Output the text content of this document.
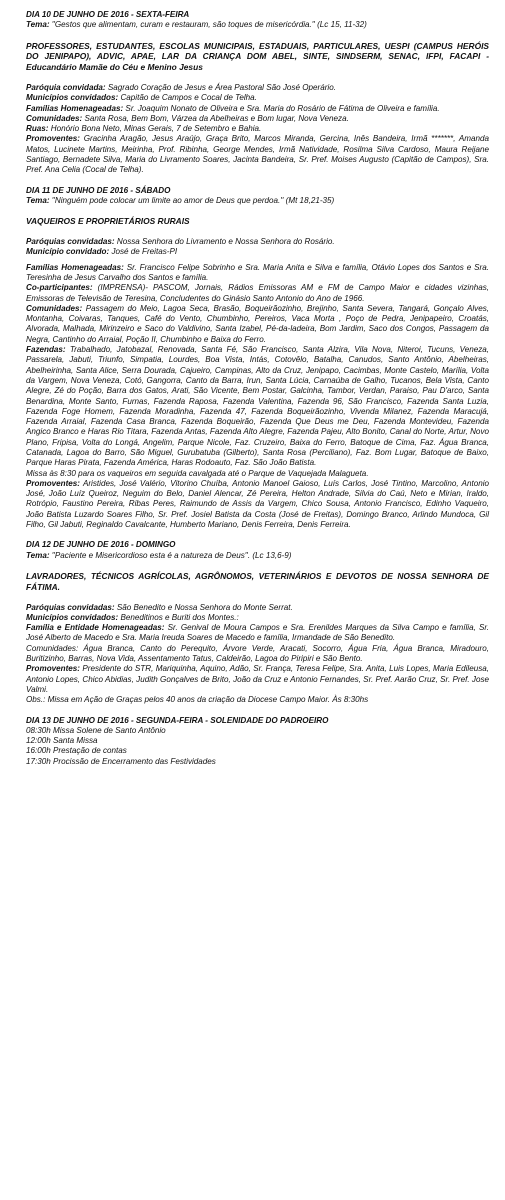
DIA 10 DE JUNHO DE 2016 - SEXTA-FEIRA

Tema: ''Gestos que alimentam, curam e restauram, são toques de misericórdia.'' (Lc 15, 11-32)

PROFESSORES, ESTUDANTES, ESCOLAS MUNICIPAIS, ESTADUAIS, PARTICULARES, UESPI (CAMPUS HERÓIS DO JENIPAPO), ADVIC, APAE, LAR DA CRIANÇA DOM ABEL, SINTE, SINDSERM, SENAC, IFPI, FACAPI - Educandário Mamãe do Céu e Menino Jesus

Paróquia convidada: Sagrado Coração de Jesus e Área Pastoral São José Operário.

Municípios convidados: Capitão de Campos e Cocal de Telha.

Famílias Homenageadas: Sr. Joaquim Nonato de Oliveira e Sra. Maria do Rosário de Fátima de Oliveira e família.

Comunidades: Santa Rosa, Bem Bom, Várzea da Abelheiras e Bom lugar, Nova Veneza.

Ruas: Honório Bona Neto, Minas Gerais, 7 de Setembro e Bahia.

Promoventes: Gracinha Aragão, Jesus Araújo, Graça Brito, Marcos Miranda, Gercina, Inês Bandeira, Irmã *******, Amanda Matos, Lucinete Martins, Meirinha, Prof. Ribinha, George Mendes, Irmã Natividade, Rosilma Silva Cardoso, Maura Reijane Santiago, Bernadete Silva, Maria do Livramento Soares, Jacinta Bandeira, Sr. Pref. Moises Augusto (Capitão de Campos), Sra. Pref. Ana Celia (Cocal de Telha).

DIA 11 DE JUNHO DE 2016 - SÁBADO

Tema: ''Ninguém pode colocar um limite ao amor de Deus que perdoa.'' (Mt 18,21-35)

VAQUEIROS E PROPRIETÁRIOS RURAIS

Paróquias convidadas: Nossa Senhora do Livramento e Nossa Senhora do Rosário.

Município convidado: José de Freitas-PI

Famílias Homenageadas: Sr. Francisco Felipe Sobrinho e Sra. Maria Anita e Silva e família, Otávio Lopes dos Santos e Sra. Teresinha de Jesus Carvalho dos Santos e família.

Co-participantes: (IMPRENSA)- PASCOM, Jornais, Rádios Emissoras AM e FM de Campo Maior e cidades vizinhas, Emissoras de Televisão de Teresina, Concludentes do Ginásio Santo Antonio do Ano de 1966.

Comunidades: Passagem do Meio, Lagoa Seca, Brasão, Boqueirãozinho, Brejinho, Santa Severa, Tangará, Gonçalo Alves, Montanha, Coivaras, Tanques, Café do Vento, Chumbinho, Pereiros, Vaca Morta , Poço de Pedra, Jenipapeiro, Croatás, Alvorada, Malhada, Mirinzeiro e Saco do Valdivino, Santa Izabel, Pé-da-ladeira, Bom Jardim, Saco dos Congos, Passagem da Negra, Cantinho do Arraial, Poção II, Chumbinho e Baixa do Ferro.

Fazendas: Trabalhado, Jatobazal, Renovada, Santa Fé, São Francisco, Santa Alzira, Vila Nova, Niteroi, Tucuns, Veneza, Passarela, Jabuti, Triunfo, Simpatia, Lourdes, Boa Vista, Intás, Cotovêlo, Batalha, Canudos, Santo Antônio, Abelheiras, Abelheirinha, Santa Alice, Serra Dourada, Cajueiro, Campinas, Alto da Cruz, Jenipapo, Cacimbas, Monte Castelo, Marília, Volta da Vargem, Nova Veneza, Cotó, Gangorra, Canto da Barra, Irun, Santa Lúcia, Carnaúba de Galho, Tucanos, Bela Vista, Canto Alegre, Zé do Poção, Barra dos Gatos, Arati, São Vicente, Bem Postar, Galcinha, Tambor, Verdan, Paraiso, Pau D'arco, Santa Benardina, Monte Santo, Furnas, Fazenda Raposa, Fazenda Valentina, Fazenda 96, São Francisco, Fazenda Santa Luzia, Fazenda Foge Homem, Fazenda Moradinha, Fazenda 47, Fazenda Boqueirãozinho, Vivenda Milanez, Fazenda Maracujá, Fazenda Arraial, Fazenda Casa Branca, Fazenda Boqueirão, Fazenda Que Deus me Deu, Fazenda Montevideu, Fazenda Angico Branco e Haras Rio Titara, Fazenda Antas, Fazenda Alto Alegre, Fazenda Pajeu, Alto Bonito, Canal do Norte, Artur, Novo Plano, Fripisa, Volta do Longá, Angelim, Parque Nicole, Faz. Cruzeiro, Baixa do Ferro, Batoque de Cima, Faz. Água Branca, Catanada, Lagoa do Barro, São Miguel, Gurubatuba (Gilberto), Santa Rosa (Perciliano), Faz. Bom Lugar, Batoque de Baixo, Parque Haras Pirata, Fazenda América, Haras Rodoauto, Faz. São João Batista.

Missa às 8:30 para os vaqueiros em seguida cavalgada até o Parque de Vaquejada Malagueta.

Promoventes: Aristides, José Valério, Vitorino Chuíba, Antonio Manoel Gaioso, Luís Carlos, José Tintino, Marcolino, Antonio José, João Luíz Queiroz, Neguim do Belo, Daniel Alencar, Zé Pereira, Helton Andrade, Silvia do Caú, Neto e Mirian, Iraldo, Rotrópio, Faustino Pereira, Ribas Peres, Raimundo de Assis da Vargem, Chico Sousa, Antonio Francisco, Edinho Vaqueiro, João Batista Luzardo Soares Filho, Sr. Pref. Josiel Batista da Costa (José de Freitas), Domingo Branco, Arlindo Mundoca, Gil Filho, Gil Jabuti, Reginaldo Cavalcante, Humberto Mariano, Denis Ferreira, Denis Ferreira.

DIA 12 DE JUNHO DE 2016 - DOMINGO

Tema: ''Paciente e Misericordioso esta é a natureza de Deus''. (Lc 13,6-9)

LAVRADORES, TÉCNICOS AGRÍCOLAS, AGRÔNOMOS, VETERINÁRIOS E DEVOTOS DE NOSSA SENHORA DE FÁTIMA.

Paróquias convidadas: São Benedito e Nossa Senhora do Monte Serrat.

Municípios convidados: Beneditinos e Buriti dos Montes.:

Família e Entidade Homenageadas: Sr. Genival de Moura Campos e Sra. Erenildes Marques da Silva Campo e família, Sr. José Alberto de Macedo e Sra. Maria Ireuda Soares de Macedo e família, Irmandade de São Benedito.

Comunidades: Água Branca, Canto do Perequito, Árvore Verde, Aracati, Socorro, Água Fria, Água Branca, Miradouro, Buritizinho, Barras, Nova Vida, Assentamento Tatus, Caldeirão, Lagoa do Piripiri e São Bento.

Promoventes: Presidente do STR, Mariquinha, Aquino, Adão, Sr. França, Teresa Felipe, Sra. Anita, Luis Lopes, Maria Edileusa, Antonio Lopes, Chico Abidias, Judith Gonçalves de Brito, João da Cruz e Antonio Fernandes, Sr. Pref. Aarão Cruz, Sr. Pref. Jose Valmi.

Obs.: Missa em Ação de Graças pelos 40 anos da criação da Diocese Campo Maior. Às 8:30hs

DIA 13 DE JUNHO DE 2016 - SEGUNDA-FEIRA - SOLENIDADE DO PADROEIRO

08:30h Missa Solene de Santo Antônio

12:00h Santa Missa

16:00h Prestação de contas

17:30h Procissão de Encerramento das Festividades
